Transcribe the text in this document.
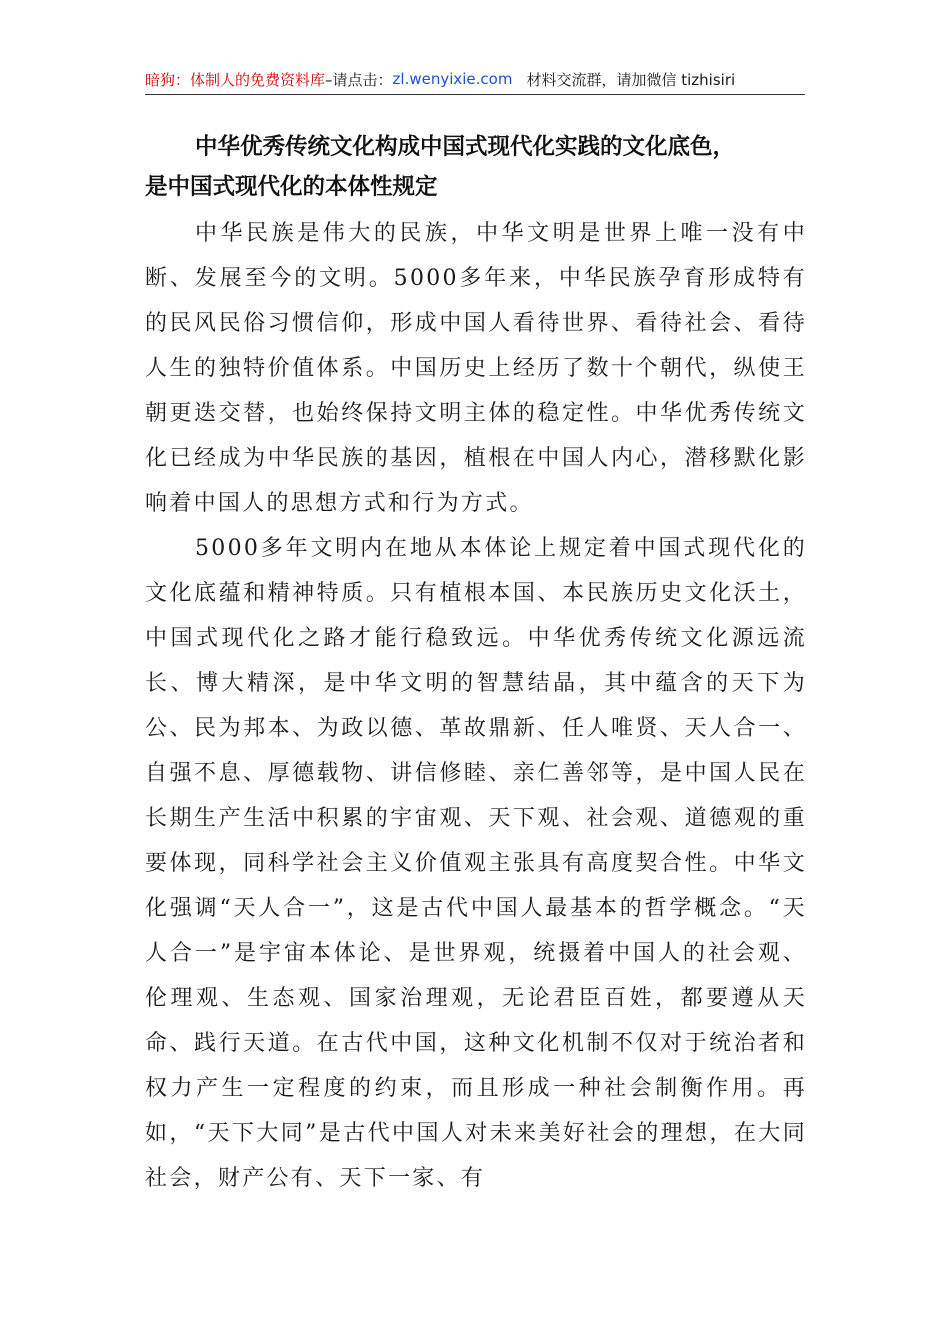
暗狗：体制人的免费资料库 –请点击： zl.wenyixie.com 材料交流群，请加微信 tizhisiri
中华优秀传统文化构成中国式现代化实践的文化底色，
是中国式现代化的本体性规定

中华民族是伟大的民族，中华文明是世界上唯一没有中断、发展至今的文明。5000多年来，中华民族孕育形成特有的民风民俗习惯信仰，形成中国人看待世界、看待社会、看待人生的独特价值体系。中国历史上经历了数十个朝代，纵使王朝更迭交替，也始终保持文明主体的稳定性。中华优秀传统文化已经成为中华民族的基因，植根在中国人内心，潜移默化影响着中国人的思想方式和行为方式。

5000多年文明内在地从本体论上规定着中国式现代化的文化底蕴和精神特质。只有植根本国、本民族历史文化沃土，中国式现代化之路才能行稳致远。中华优秀传统文化源远流长、博大精深，是中华文明的智慧结晶，其中蕴含的天下为公、民为邦本、为政以德、革故鼎新、任人唯贤、天人合一、自强不息、厚德载物、讲信修睦、亲仁善邻等，是中国人民在长期生产生活中积累的宇宙观、天下观、社会观、道德观的重要体现，同科学社会主义价值观主张具有高度契合性。中华文化强调“天人合一”，这是古代中国人最基本的哲学概念。“天人合一”是宇宙本体论、是世界观，统摄着中国人的社会观、伦理观、生态观、国家治理观，无论君臣百姓，都要遵从天命、践行天道。在古代中国，这种文化机制不仅对于统治者和权力产生一定程度的约束，而且形成一种社会制衡作用。再如，“天下大同”是古代中国人对未来美好社会的理想，在大同社会，财产公有、天下一家、有
